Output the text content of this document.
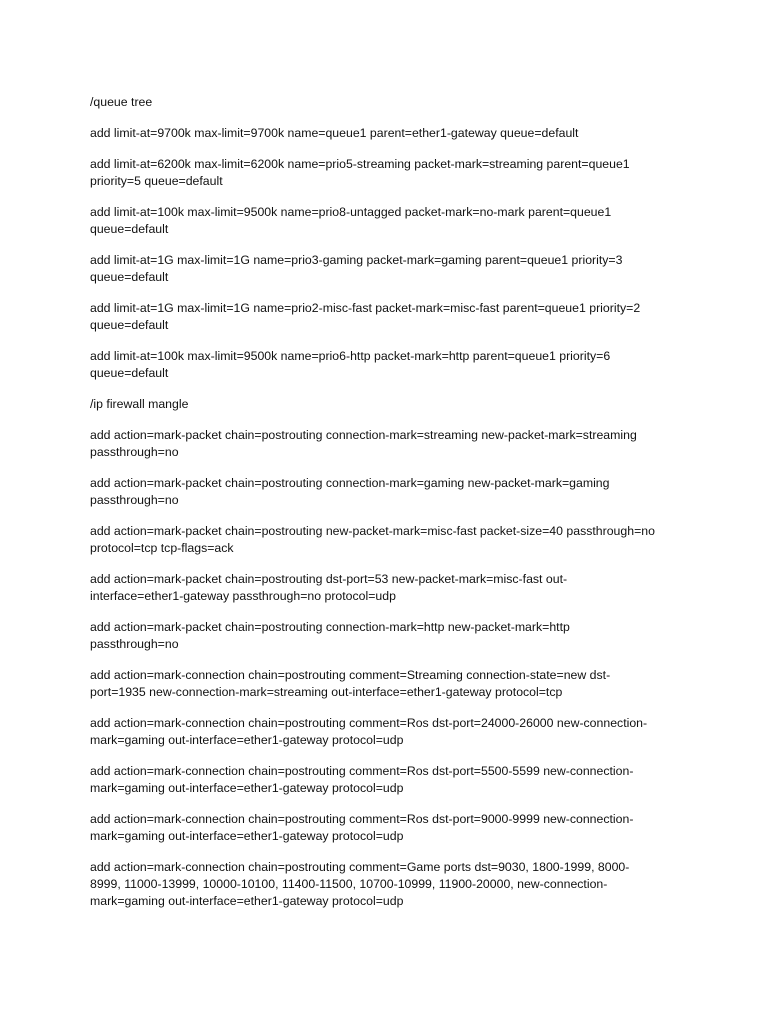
/queue tree

add limit-at=9700k max-limit=9700k name=queue1 parent=ether1-gateway queue=default

add limit-at=6200k max-limit=6200k name=prio5-streaming packet-mark=streaming parent=queue1
priority=5 queue=default

add limit-at=100k max-limit=9500k name=prio8-untagged packet-mark=no-mark parent=queue1
queue=default

add limit-at=1G max-limit=1G name=prio3-gaming packet-mark=gaming parent=queue1 priority=3
queue=default

add limit-at=1G max-limit=1G name=prio2-misc-fast packet-mark=misc-fast parent=queue1 priority=2
queue=default

add limit-at=100k max-limit=9500k name=prio6-http packet-mark=http parent=queue1 priority=6
queue=default

/ip firewall mangle

add action=mark-packet chain=postrouting connection-mark=streaming new-packet-mark=streaming
passthrough=no

add action=mark-packet chain=postrouting connection-mark=gaming new-packet-mark=gaming
passthrough=no

add action=mark-packet chain=postrouting new-packet-mark=misc-fast packet-size=40 passthrough=no
protocol=tcp tcp-flags=ack

add action=mark-packet chain=postrouting dst-port=53 new-packet-mark=misc-fast out-
interface=ether1-gateway passthrough=no protocol=udp

add action=mark-packet chain=postrouting connection-mark=http new-packet-mark=http
passthrough=no

add action=mark-connection chain=postrouting comment=Streaming connection-state=new dst-
port=1935 new-connection-mark=streaming out-interface=ether1-gateway protocol=tcp

add action=mark-connection chain=postrouting comment=Ros dst-port=24000-26000 new-connection-
mark=gaming out-interface=ether1-gateway protocol=udp

add action=mark-connection chain=postrouting comment=Ros dst-port=5500-5599 new-connection-
mark=gaming out-interface=ether1-gateway protocol=udp

add action=mark-connection chain=postrouting comment=Ros dst-port=9000-9999 new-connection-
mark=gaming out-interface=ether1-gateway protocol=udp

add action=mark-connection chain=postrouting comment=Game ports dst=9030, 1800-1999, 8000-
8999, 11000-13999, 10000-10100, 11400-11500, 10700-10999, 11900-20000, new-connection-
mark=gaming out-interface=ether1-gateway protocol=udp
